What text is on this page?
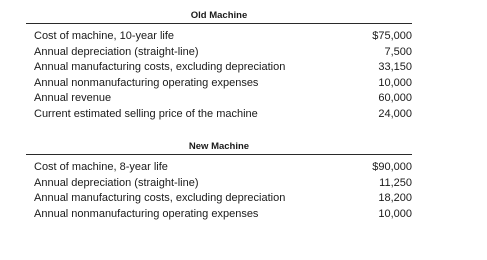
Old Machine
Cost of machine, 10-year life	$75,000
Annual depreciation (straight-line)	7,500
Annual manufacturing costs, excluding depreciation	33,150
Annual nonmanufacturing operating expenses	10,000
Annual revenue	60,000
Current estimated selling price of the machine	24,000
New Machine
Cost of machine, 8-year life	$90,000
Annual depreciation (straight-line)	11,250
Annual manufacturing costs, excluding depreciation	18,200
Annual nonmanufacturing operating expenses	10,000
